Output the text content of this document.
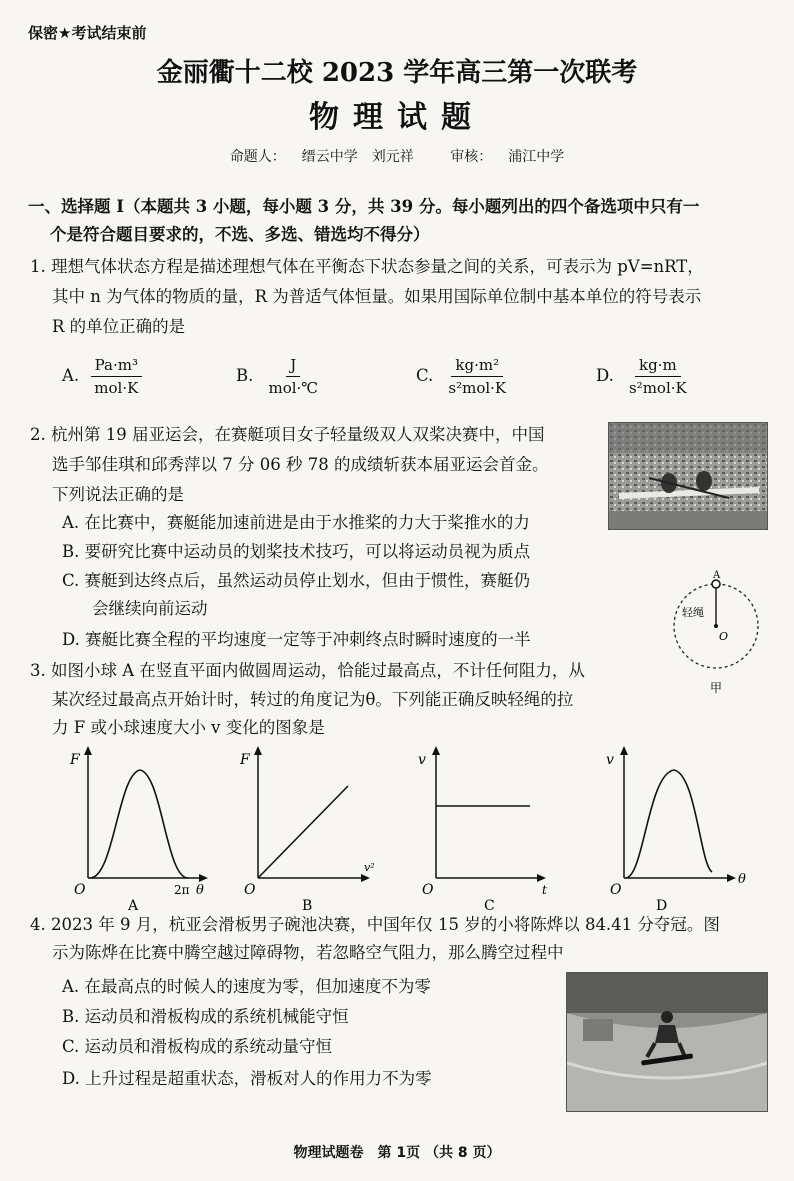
保密★考试结束前
金丽衢十二校 2023 学年高三第一次联考
物理试题
命题人： 缙云中学　刘元祥	审核： 浦江中学
一、选择题 I（本题共 3 小题，每小题 3 分，共 39 分。每小题列出的四个备选项中只有一
个是符合题目要求的，不选、多选、错选均不得分）
1. 理想气体状态方程是描述理想气体在平衡态下状态参量之间的关系，可表示为 pV=nRT，
其中 n 为气体的物质的量，R 为普适气体恒量。如果用国际单位制中基本单位的符号表示
R 的单位正确的是
A. $\frac{\text{Pa·m³}}{\text{mol·K}}$	B. $\frac{J}{\text{mol·℃}}$	C. $\frac{\text{kg·m²}}{\text{s²mol·K}}$	D. $\frac{kg\cdot m}{\text{s²mol·K}}$
2. 杭州第 19 届亚运会，在赛艇项目女子轻量级双人双桨决赛中，中国
选手邹佳琪和邱秀萍以 7 分 06 秒 78 的成绩斩获本届亚运会首金。
下列说法正确的是
A. 在比赛中，赛艇能加速前进是由于水推桨的力大于桨推水的力
B. 要研究比赛中运动员的划桨技术技巧，可以将运动员视为质点
C. 赛艇到达终点后，虽然运动员停止划水，但由于惯性，赛艇仍
会继续向前运动
D. 赛艇比赛全程的平均速度一定等于冲刺终点时瞬时速度的一半
A
轻绳
O
甲
3. 如图小球 A 在竖直平面内做圆周运动，恰能过最高点，不计任何阻力，从
某次经过最高点开始计时，转过的角度记为θ。下列能正确反映轻绳的拉
力 F 或小球速度大小 v 变化的图象是
F
O	2π θ
A
F
O
v²
B
v
O	t
C
v
O
θ
D
4. 2023 年 9 月，杭亚会滑板男子碗池决赛，中国年仅 15 岁的小将陈烨以 84.41 分夺冠。图
示为陈烨在比赛中腾空越过障碍物，若忽略空气阻力，那么腾空过程中
A. 在最高点的时候人的速度为零，但加速度不为零
B. 运动员和滑板构成的系统机械能守恒
C. 运动员和滑板构成的系统动量守恒
D. 上升过程是超重状态，滑板对人的作用力不为零
物理试题卷　第 1页 （共 8 页）
